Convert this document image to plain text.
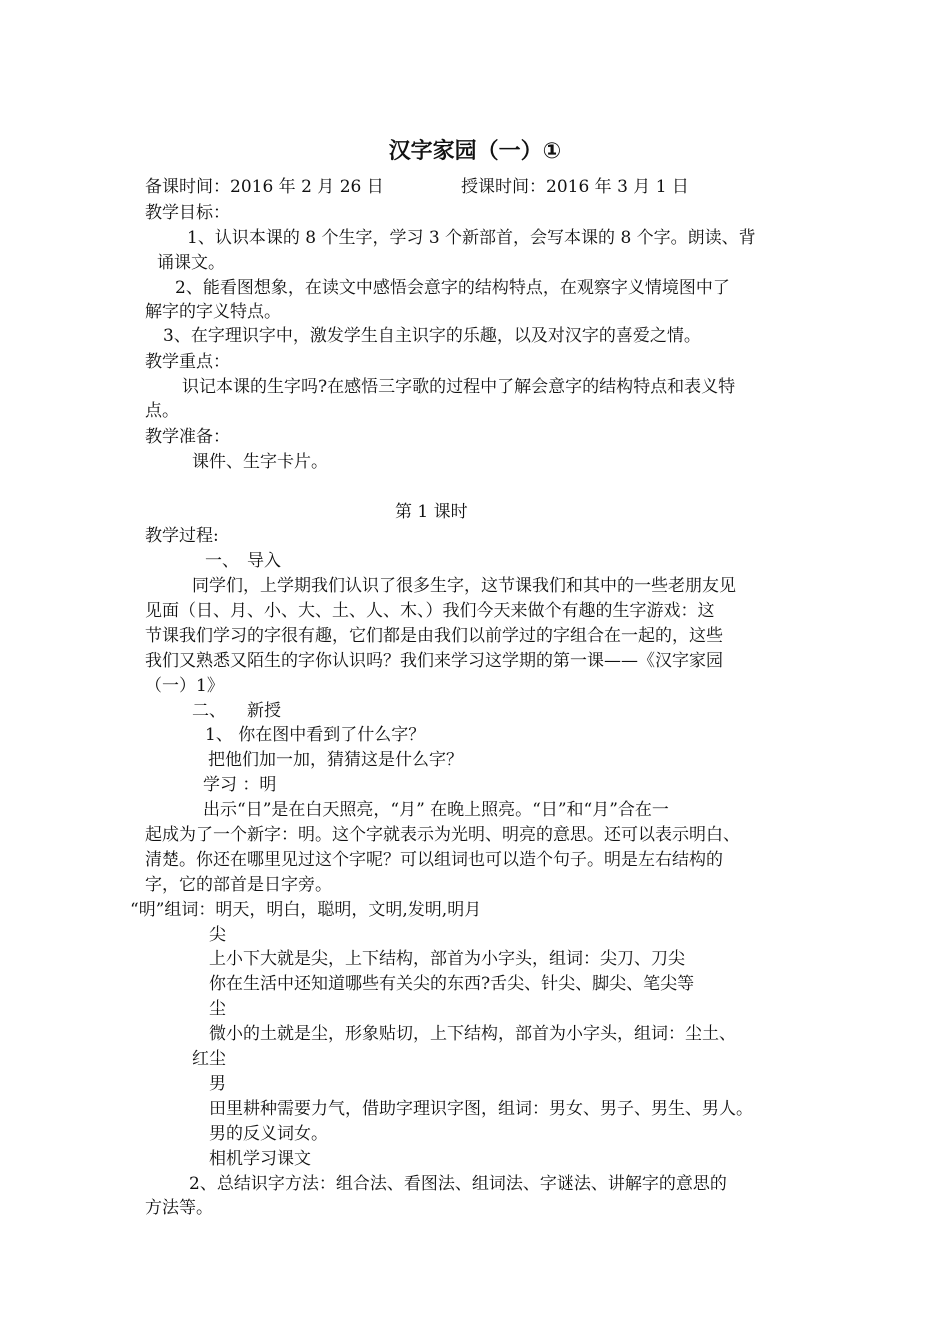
汉字家园（一）①
备课时间：2016 年 2 月 26 日	授课时间：2016 年 3 月 1 日
教学目标：
1、认识本课的 8 个生字，学习 3 个新部首，会写本课的 8 个字。朗读、背
诵课文。
2、能看图想象，在读文中感悟会意字的结构特点，在观察字义情境图中了
解字的字义特点。
3、在字理识字中，激发学生自主识字的乐趣，以及对汉字的喜爱之情。
教学重点：
识记本课的生字吗?在感悟三字歌的过程中了解会意字的结构特点和表义特
点。
教学准备：
课件、生字卡片。
第 1 课时
教学过程:
一、 导入
同学们，上学期我们认识了很多生字，这节课我们和其中的一些老朋友见
见面（日、月、小、大、土、人、木、）我们今天来做个有趣的生字游戏：这
节课我们学习的字很有趣，它们都是由我们以前学过的字组合在一起的，这些
我们又熟悉又陌生的字你认识吗？我们来学习这学期的第一课——《汉字家园
（一）1》
二、 新授
1、 你在图中看到了什么字？
把他们加一加，猜猜这是什么字？
学习 ：明
出示“日”是在白天照亮，“月” 在晚上照亮。“日”和“月”合在一
起成为了一个新字：明。这个字就表示为光明、明亮的意思。还可以表示明白、
清楚。你还在哪里见过这个字呢？可以组词也可以造个句子。明是左右结构的
字，它的部首是日字旁。
“明”组词：明天，明白，聪明，文明,发明,明月
尖
上小下大就是尖，上下结构，部首为小字头，组词：尖刀、刀尖
你在生活中还知道哪些有关尖的东西?舌尖、针尖、脚尖、笔尖等
尘
微小的土就是尘，形象贴切，上下结构，部首为小字头，组词：尘土、
红尘
男
田里耕种需要力气，借助字理识字图，组词：男女、男子、男生、男人。
男的反义词女。
相机学习课文
2、总结识字方法：组合法、看图法、组词法、字谜法、讲解字的意思的
方法等。
